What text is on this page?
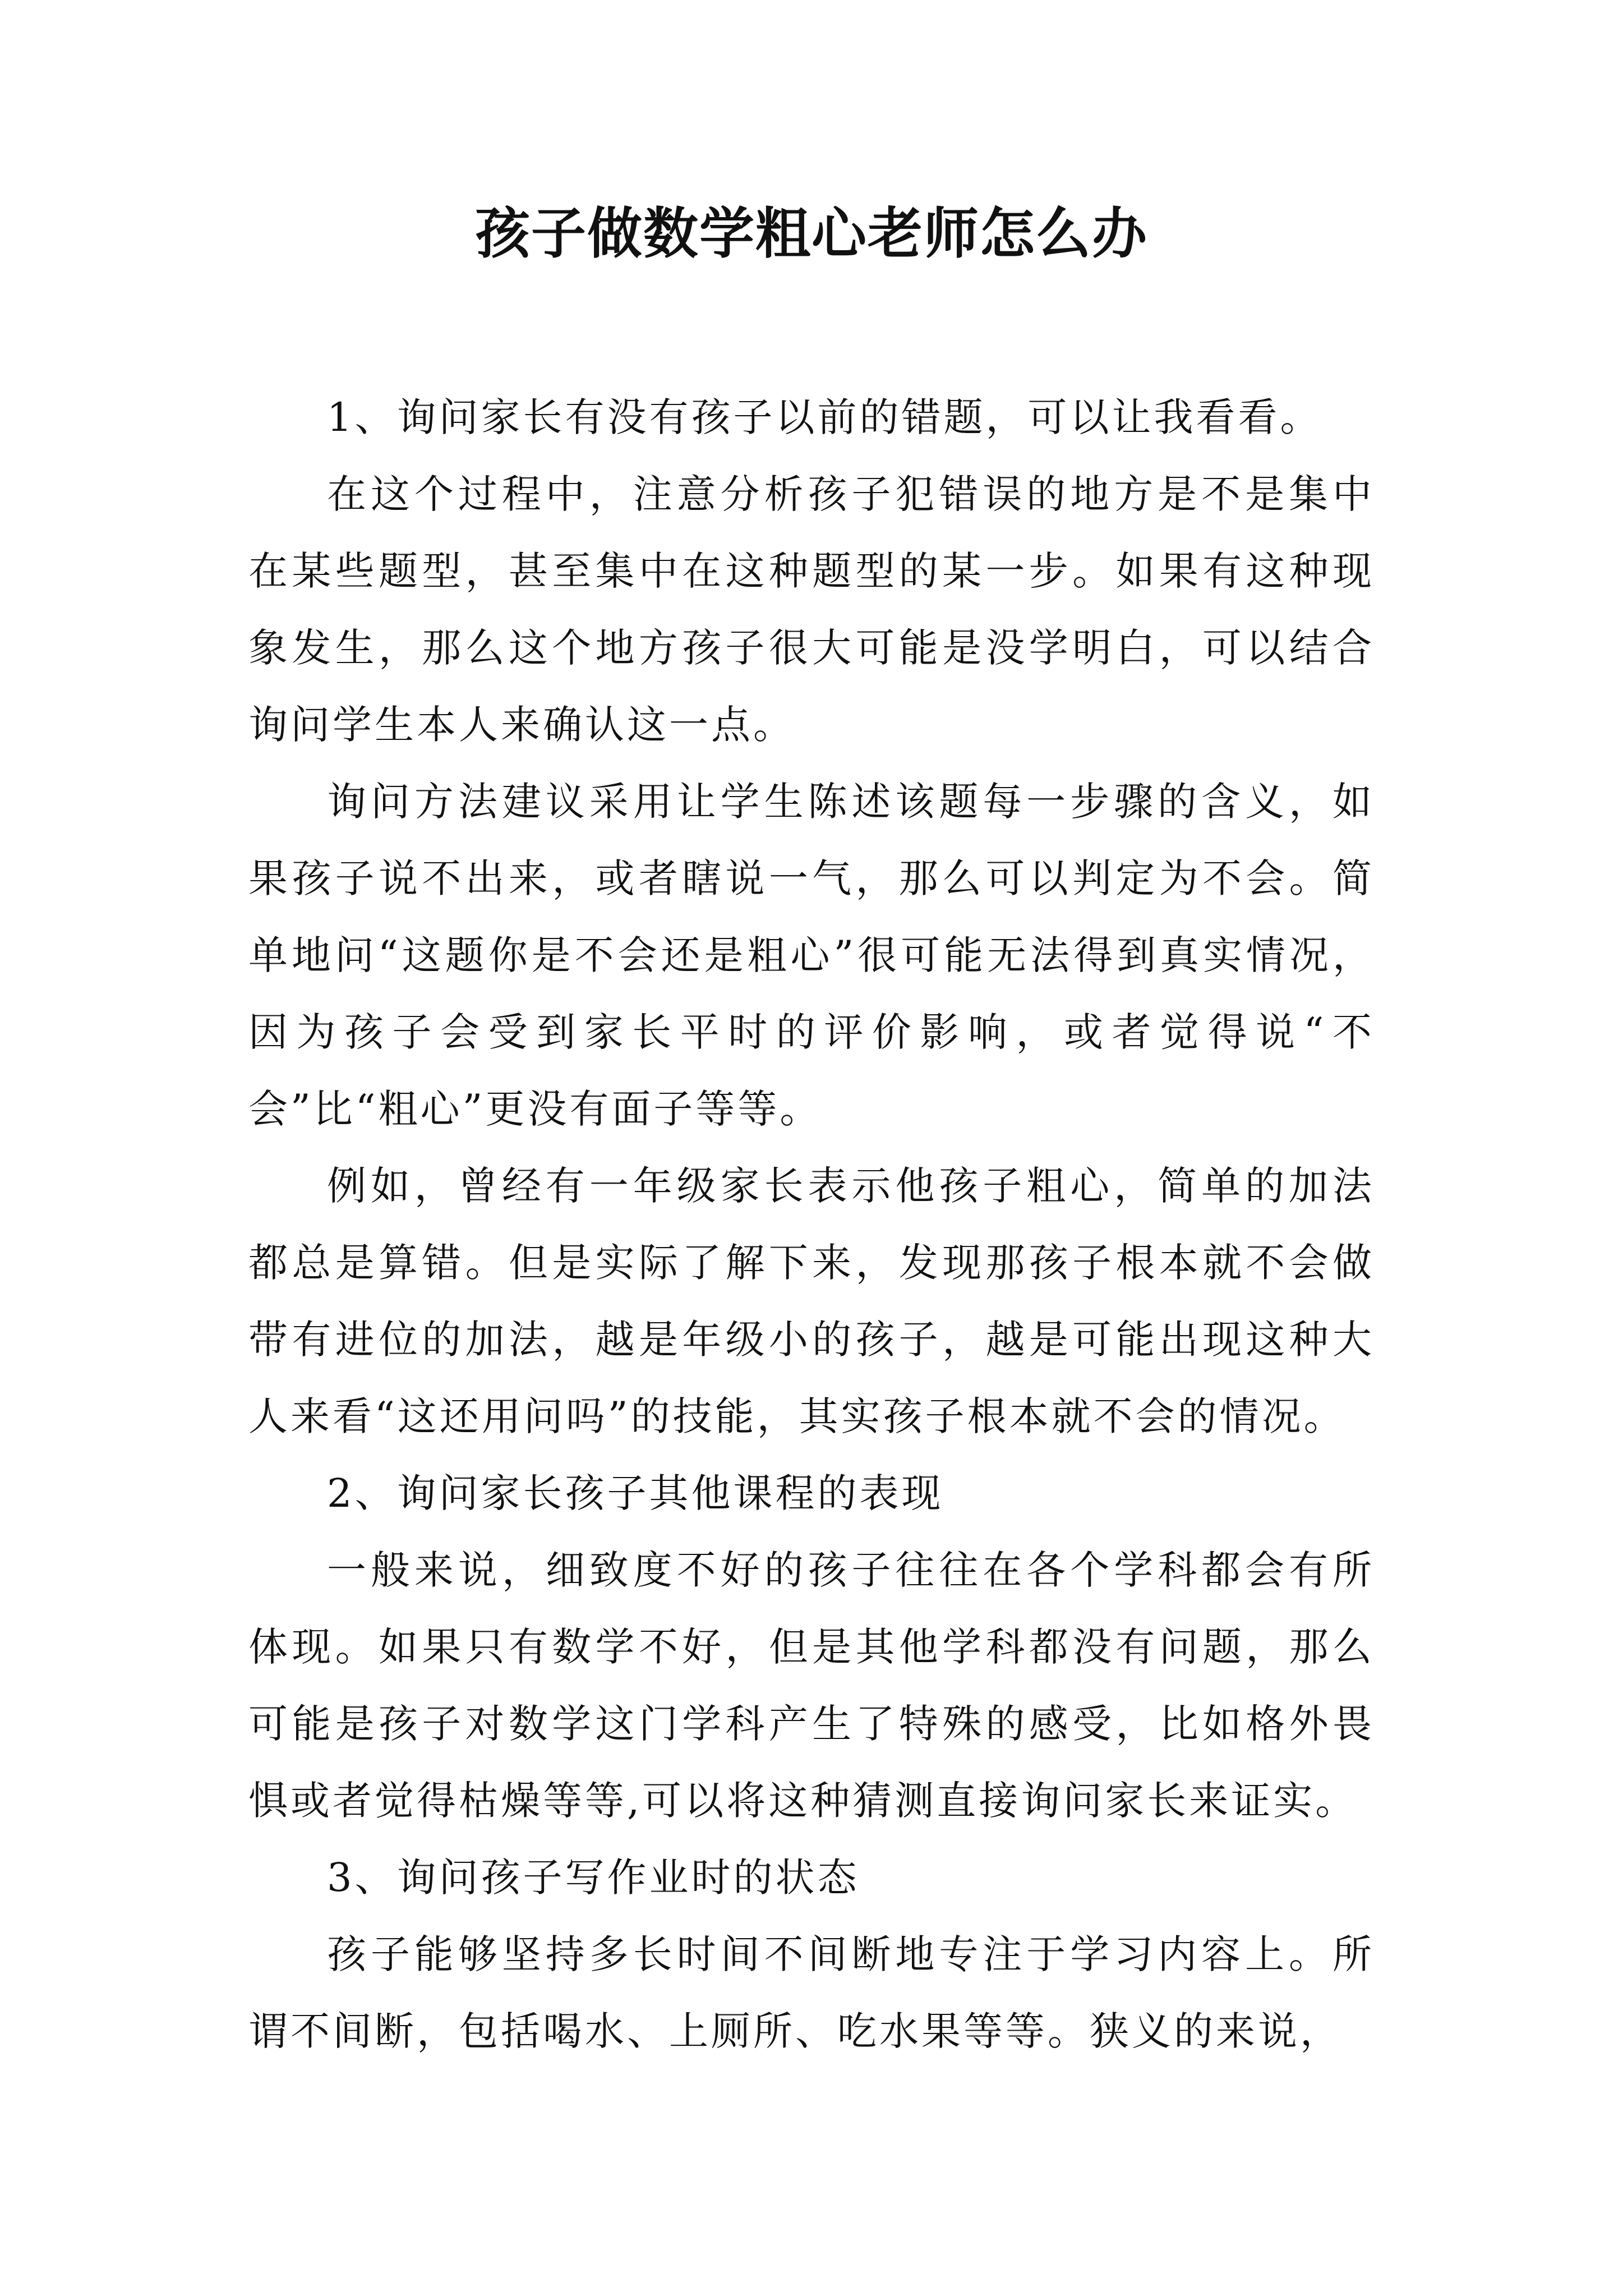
孩子做数学粗心老师怎么办

1、询问家长有没有孩子以前的错题，可以让我看看。

在这个过程中，注意分析孩子犯错误的地方是不是集中在某些题型，甚至集中在这种题型的某一步。如果有这种现象发生，那么这个地方孩子很大可能是没学明白，可以结合询问学生本人来确认这一点。

询问方法建议采用让学生陈述该题每一步骤的含义，如果孩子说不出来，或者瞎说一气，那么可以判定为不会。简单地问“这题你是不会还是粗心”很可能无法得到真实情况，因为孩子会受到家长平时的评价影响，或者觉得说“不会”比“粗心”更没有面子等等。

例如，曾经有一年级家长表示他孩子粗心，简单的加法都总是算错。但是实际了解下来，发现那孩子根本就不会做带有进位的加法，越是年级小的孩子，越是可能出现这种大人来看“这还用问吗”的技能，其实孩子根本就不会的情况。

2、询问家长孩子其他课程的表现

一般来说，细致度不好的孩子往往在各个学科都会有所体现。如果只有数学不好，但是其他学科都没有问题，那么可能是孩子对数学这门学科产生了特殊的感受，比如格外畏惧或者觉得枯燥等等,可以将这种猜测直接询问家长来证实。

3、询问孩子写作业时的状态

孩子能够坚持多长时间不间断地专注于学习内容上。所谓不间断，包括喝水、上厕所、吃水果等等。狭义的来说，
